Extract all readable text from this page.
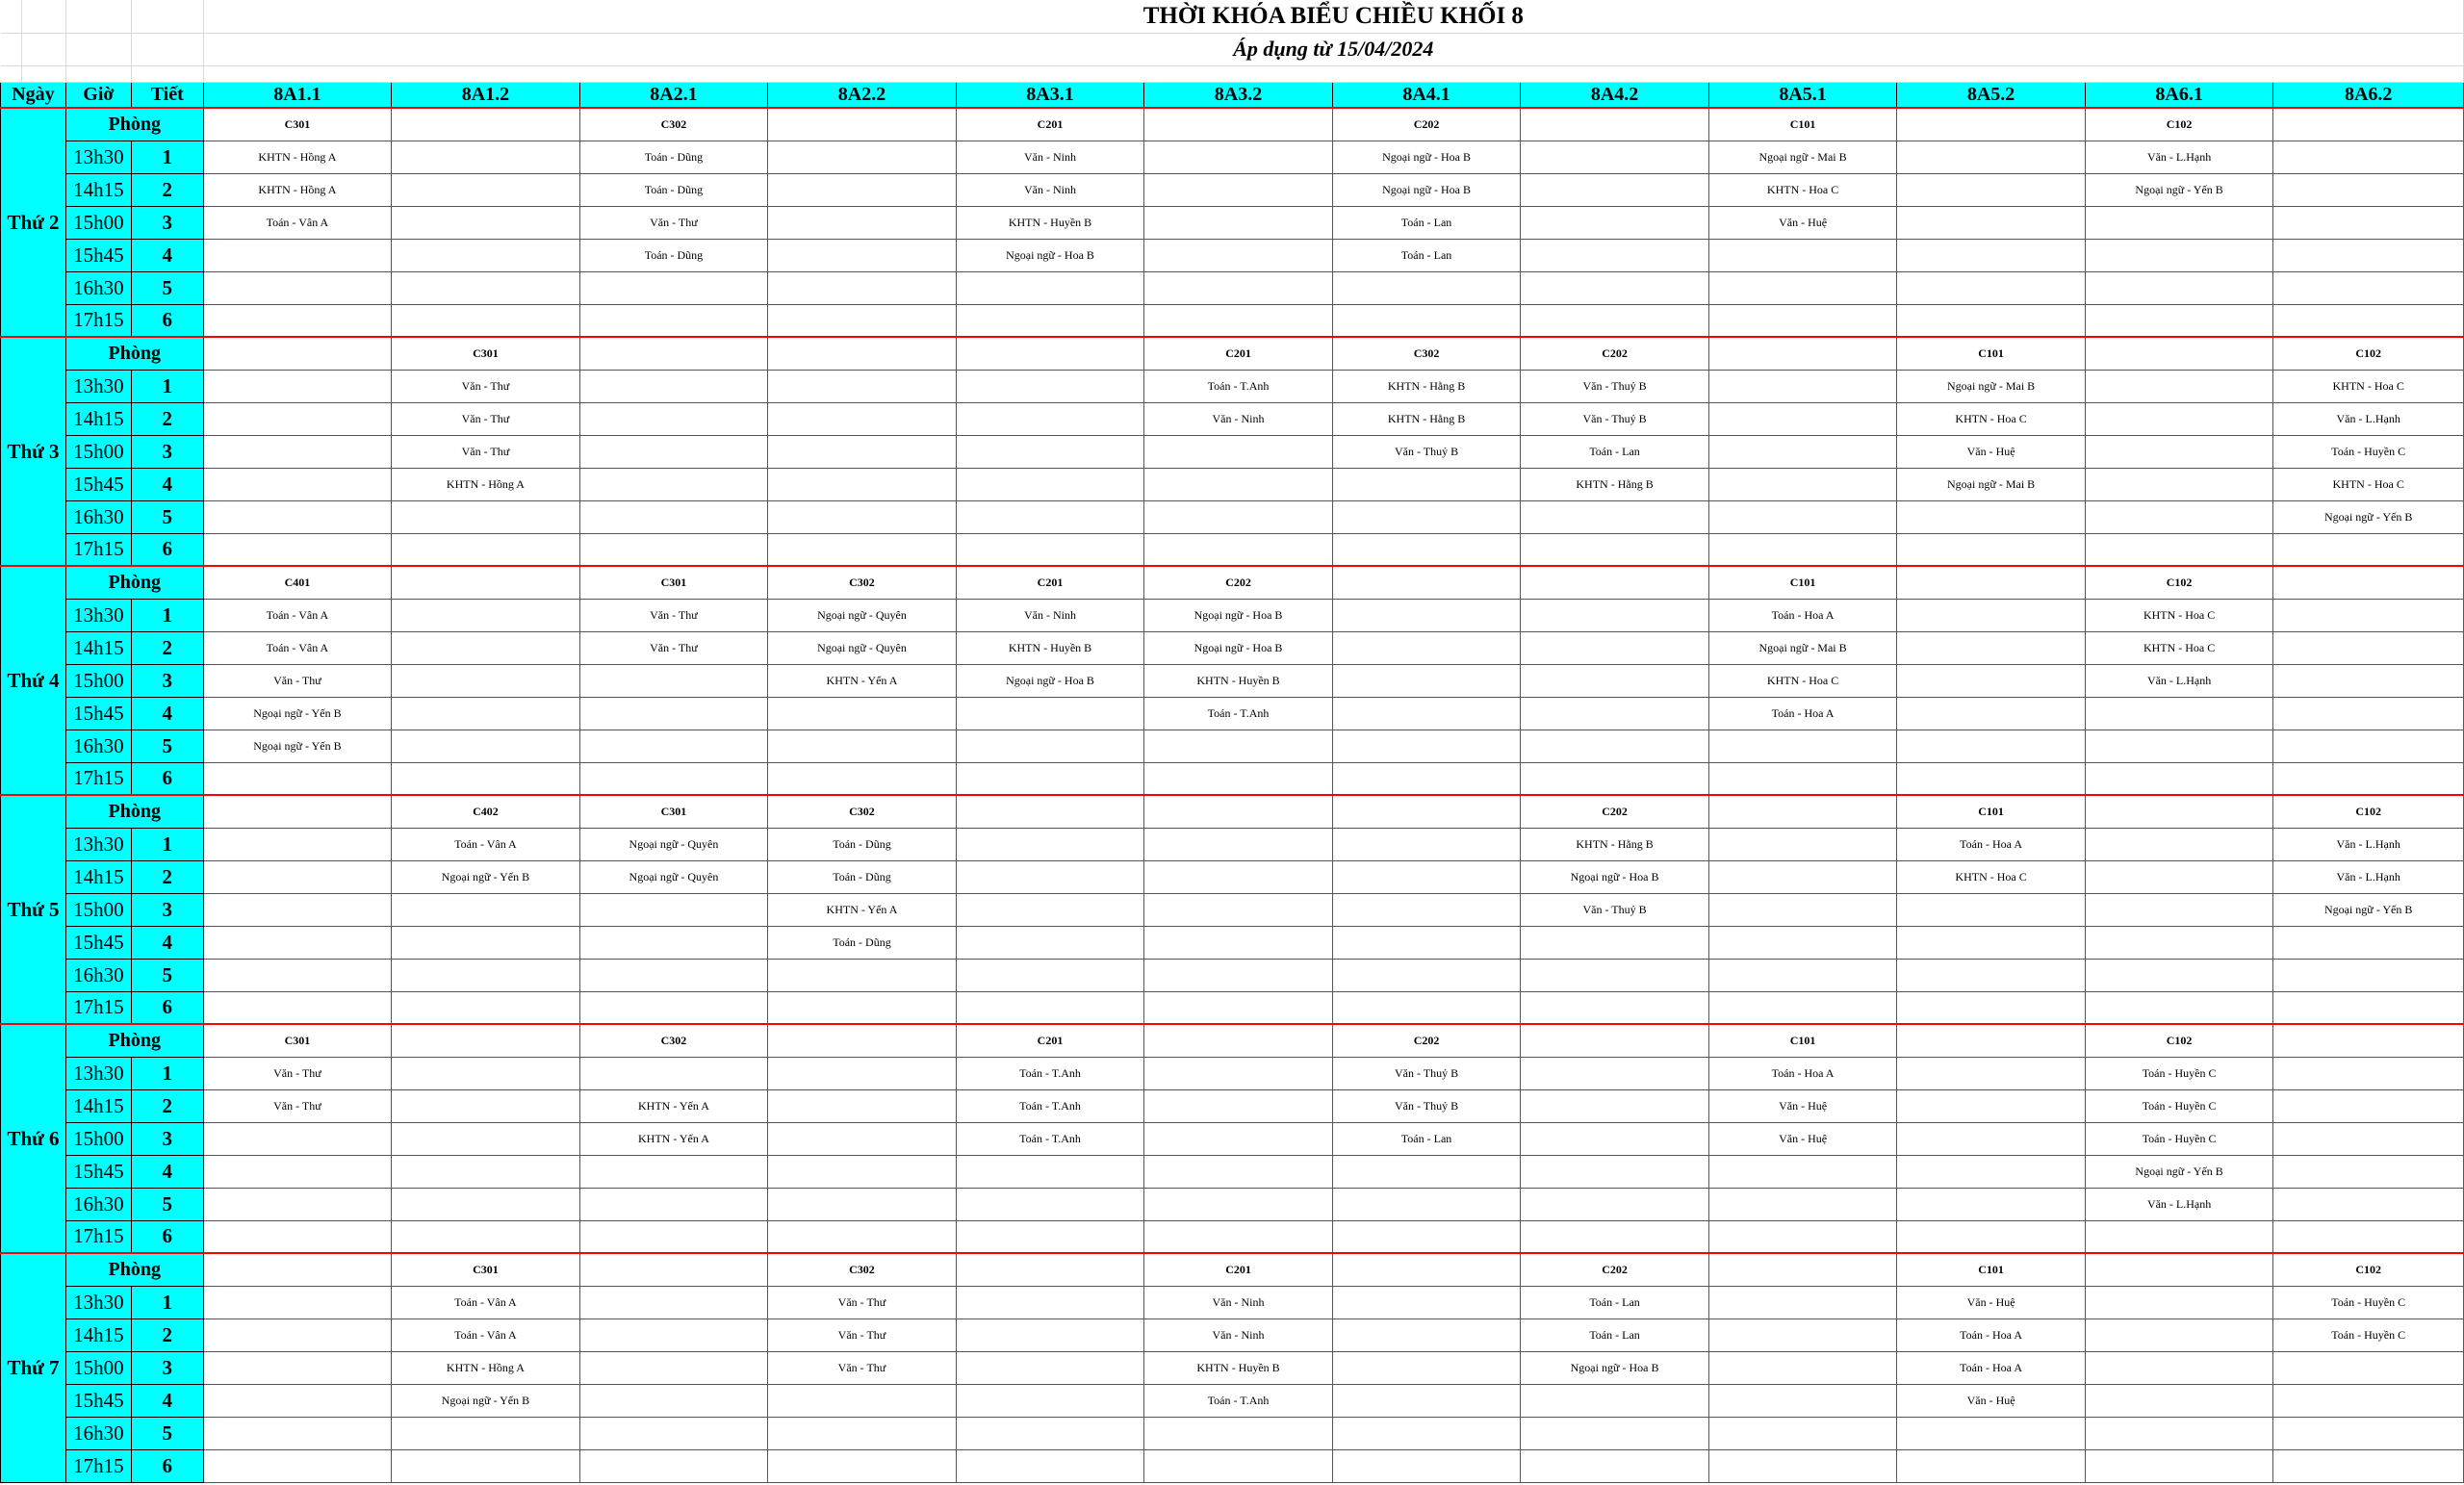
				THỜI KHÓA BIỂU CHIỀU KHỐI 8											
				Áp dụng từ 15/04/2024											

Ngày		Giờ	Tiết	8A1.1	8A1.2	8A2.1	8A2.2	8A3.1	8A3.2	8A4.1	8A4.2	8A5.1	8A5.2	8A6.1	8A6.2
Thứ 2		Phòng		C301		C302		C201		C202		C101		C102	
		13h30	1	KHTN - Hồng A		Toán - Dũng		Văn - Ninh		Ngoại ngữ - Hoa B		Ngoại ngữ - Mai B		Văn - L.Hạnh	
		14h15	2	KHTN - Hồng A		Toán - Dũng		Văn - Ninh		Ngoại ngữ - Hoa B		KHTN - Hoa C		Ngoại ngữ - Yến B	
		15h00	3	Toán - Vân A		Văn - Thư		KHTN - Huyền B		Toán - Lan		Văn - Huệ			
		15h45	4			Toán - Dũng		Ngoại ngữ - Hoa B		Toán - Lan					
		16h30	5												
		17h15	6												
Thứ 3		Phòng			C301				C201	C302	C202		C101		C102
		13h30	1		Văn - Thư				Toán - T.Anh	KHTN - Hằng B	Văn - Thuỷ B		Ngoại ngữ - Mai B		KHTN - Hoa C
		14h15	2		Văn - Thư				Văn - Ninh	KHTN - Hằng B	Văn - Thuỷ B		KHTN - Hoa C		Văn - L.Hạnh
		15h00	3		Văn - Thư					Văn - Thuỷ B	Toán - Lan		Văn - Huệ		Toán - Huyền C
		15h45	4		KHTN - Hồng A						KHTN - Hằng B		Ngoại ngữ - Mai B		KHTN - Hoa C
		16h30	5												Ngoại ngữ - Yến B
		17h15	6												
Thứ 4		Phòng		C401		C301	C302	C201	C202			C101		C102	
		13h30	1	Toán - Vân A		Văn - Thư	Ngoại ngữ - Quyên	Văn - Ninh	Ngoại ngữ - Hoa B			Toán - Hoa A		KHTN - Hoa C	
		14h15	2	Toán - Vân A		Văn - Thư	Ngoại ngữ - Quyên	KHTN - Huyền B	Ngoại ngữ - Hoa B			Ngoại ngữ - Mai B		KHTN - Hoa C	
		15h00	3	Văn - Thư			KHTN - Yến A	Ngoại ngữ - Hoa B	KHTN - Huyền B			KHTN - Hoa C		Văn - L.Hạnh	
		15h45	4	Ngoại ngữ - Yến B					Toán - T.Anh			Toán - Hoa A			
		16h30	5	Ngoại ngữ - Yến B											
		17h15	6												
Thứ 5		Phòng			C402	C301	C302				C202		C101		C102
		13h30	1		Toán - Vân A	Ngoại ngữ - Quyên	Toán - Dũng				KHTN - Hằng B		Toán - Hoa A		Văn - L.Hạnh
		14h15	2		Ngoại ngữ - Yến B	Ngoại ngữ - Quyên	Toán - Dũng				Ngoại ngữ - Hoa B		KHTN - Hoa C		Văn - L.Hạnh
		15h00	3				KHTN - Yến A				Văn - Thuỷ B				Ngoại ngữ - Yến B
		15h45	4				Toán - Dũng								
		16h30	5												
		17h15	6												
Thứ 6		Phòng		C301		C302		C201		C202		C101		C102	
		13h30	1	Văn - Thư				Toán - T.Anh		Văn - Thuỷ B		Toán - Hoa A		Toán - Huyền C	
		14h15	2	Văn - Thư		KHTN - Yến A		Toán - T.Anh		Văn - Thuỷ B		Văn - Huệ		Toán - Huyền C	
		15h00	3			KHTN - Yến A		Toán - T.Anh		Toán - Lan		Văn - Huệ		Toán - Huyền C	
		15h45	4											Ngoại ngữ - Yến B	
		16h30	5											Văn - L.Hạnh	
		17h15	6												
Thứ 7		Phòng			C301		C302		C201		C202		C101		C102
		13h30	1		Toán - Vân A		Văn - Thư		Văn - Ninh		Toán - Lan		Văn - Huệ		Toán - Huyền C
		14h15	2		Toán - Vân A		Văn - Thư		Văn - Ninh		Toán - Lan		Toán - Hoa A		Toán - Huyền C
		15h00	3		KHTN - Hồng A		Văn - Thư		KHTN - Huyền B		Ngoại ngữ - Hoa B		Toán - Hoa A		
		15h45	4		Ngoại ngữ - Yến B				Toán - T.Anh				Văn - Huệ		
		16h30	5												
		17h15	6												
